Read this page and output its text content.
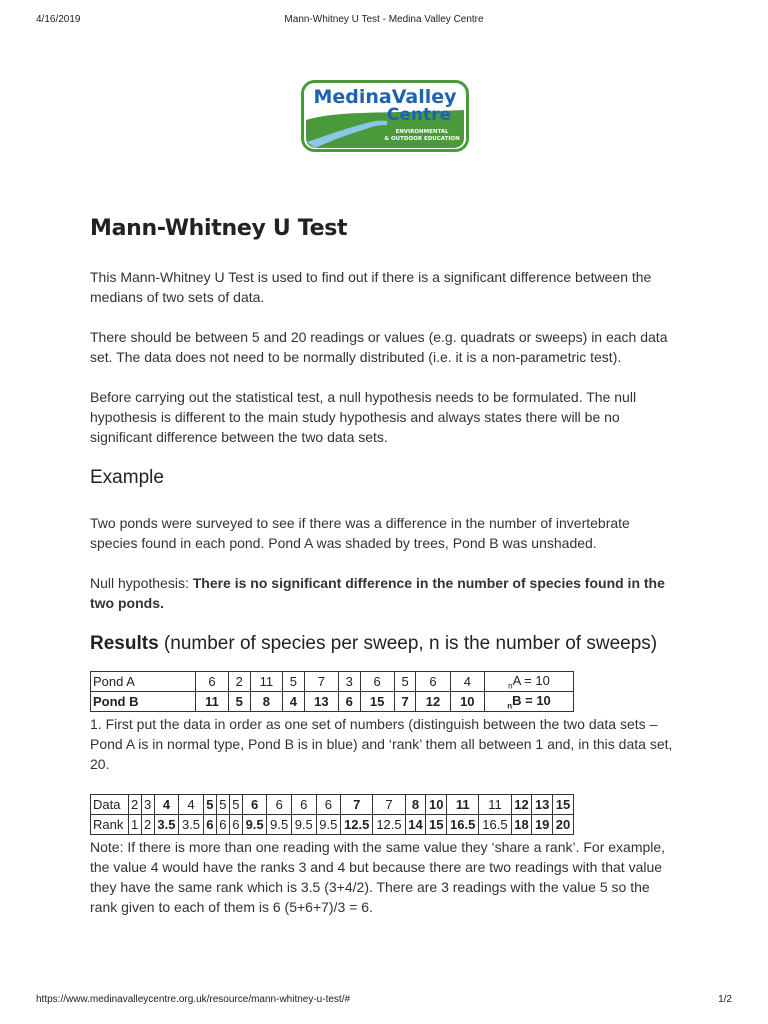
4/16/2019	Mann-Whitney U Test - Medina Valley Centre
MedinaValley
Centre
ENVIRONMENTAL
& OUTDOOR EDUCATION
Mann-Whitney U Test

This Mann-Whitney U Test is used to find out if there is a significant difference between the medians of two sets of data.

There should be between 5 and 20 readings or values (e.g. quadrats or sweeps) in each data set. The data does not need to be normally distributed (i.e. it is a non-parametric test).

Before carrying out the statistical test, a null hypothesis needs to be formulated. The null hypothesis is different to the main study hypothesis and always states there will be no significant difference between the two data sets.

Example

Two ponds were surveyed to see if there was a difference in the number of invertebrate species found in each pond. Pond A was shaded by trees, Pond B was unshaded.

Null hypothesis: There is no significant difference in the number of species found in the two ponds.

Results (number of species per sweep, n is the number of sweeps)
Pond A	6	2	11	5	7	3	6	5	6	4	$_n$A = 10
Pond B	11	5	8	4	13	6	15	7	12	10	$_n$B = 10

1. First put the data in order as one set of numbers (distinguish between the two data sets – Pond A is in normal type, Pond B is in blue) and ‘rank’ them all between 1 and, in this data set, 20.

Data	2	3	4	4	5	5	5	6	6	6	6	7	7	8	10	11	11	12	13	15
Rank	1	2	3.5	3.5	6	6	6	9.5	9.5	9.5	9.5	12.5	12.5	14	15	16.5	16.5	18	19	20

Note: If there is more than one reading with the same value they ‘share a rank’. For example, the value 4 would have the ranks 3 and 4 but because there are two readings with that value they have the same rank which is 3.5 (3+4/2). There are 3 readings with the value 5 so the rank given to each of them is 6 (5+6+7)/3 = 6.

https://www.medinavalleycentre.org.uk/resource/mann-whitney-u-test/#	1/2
